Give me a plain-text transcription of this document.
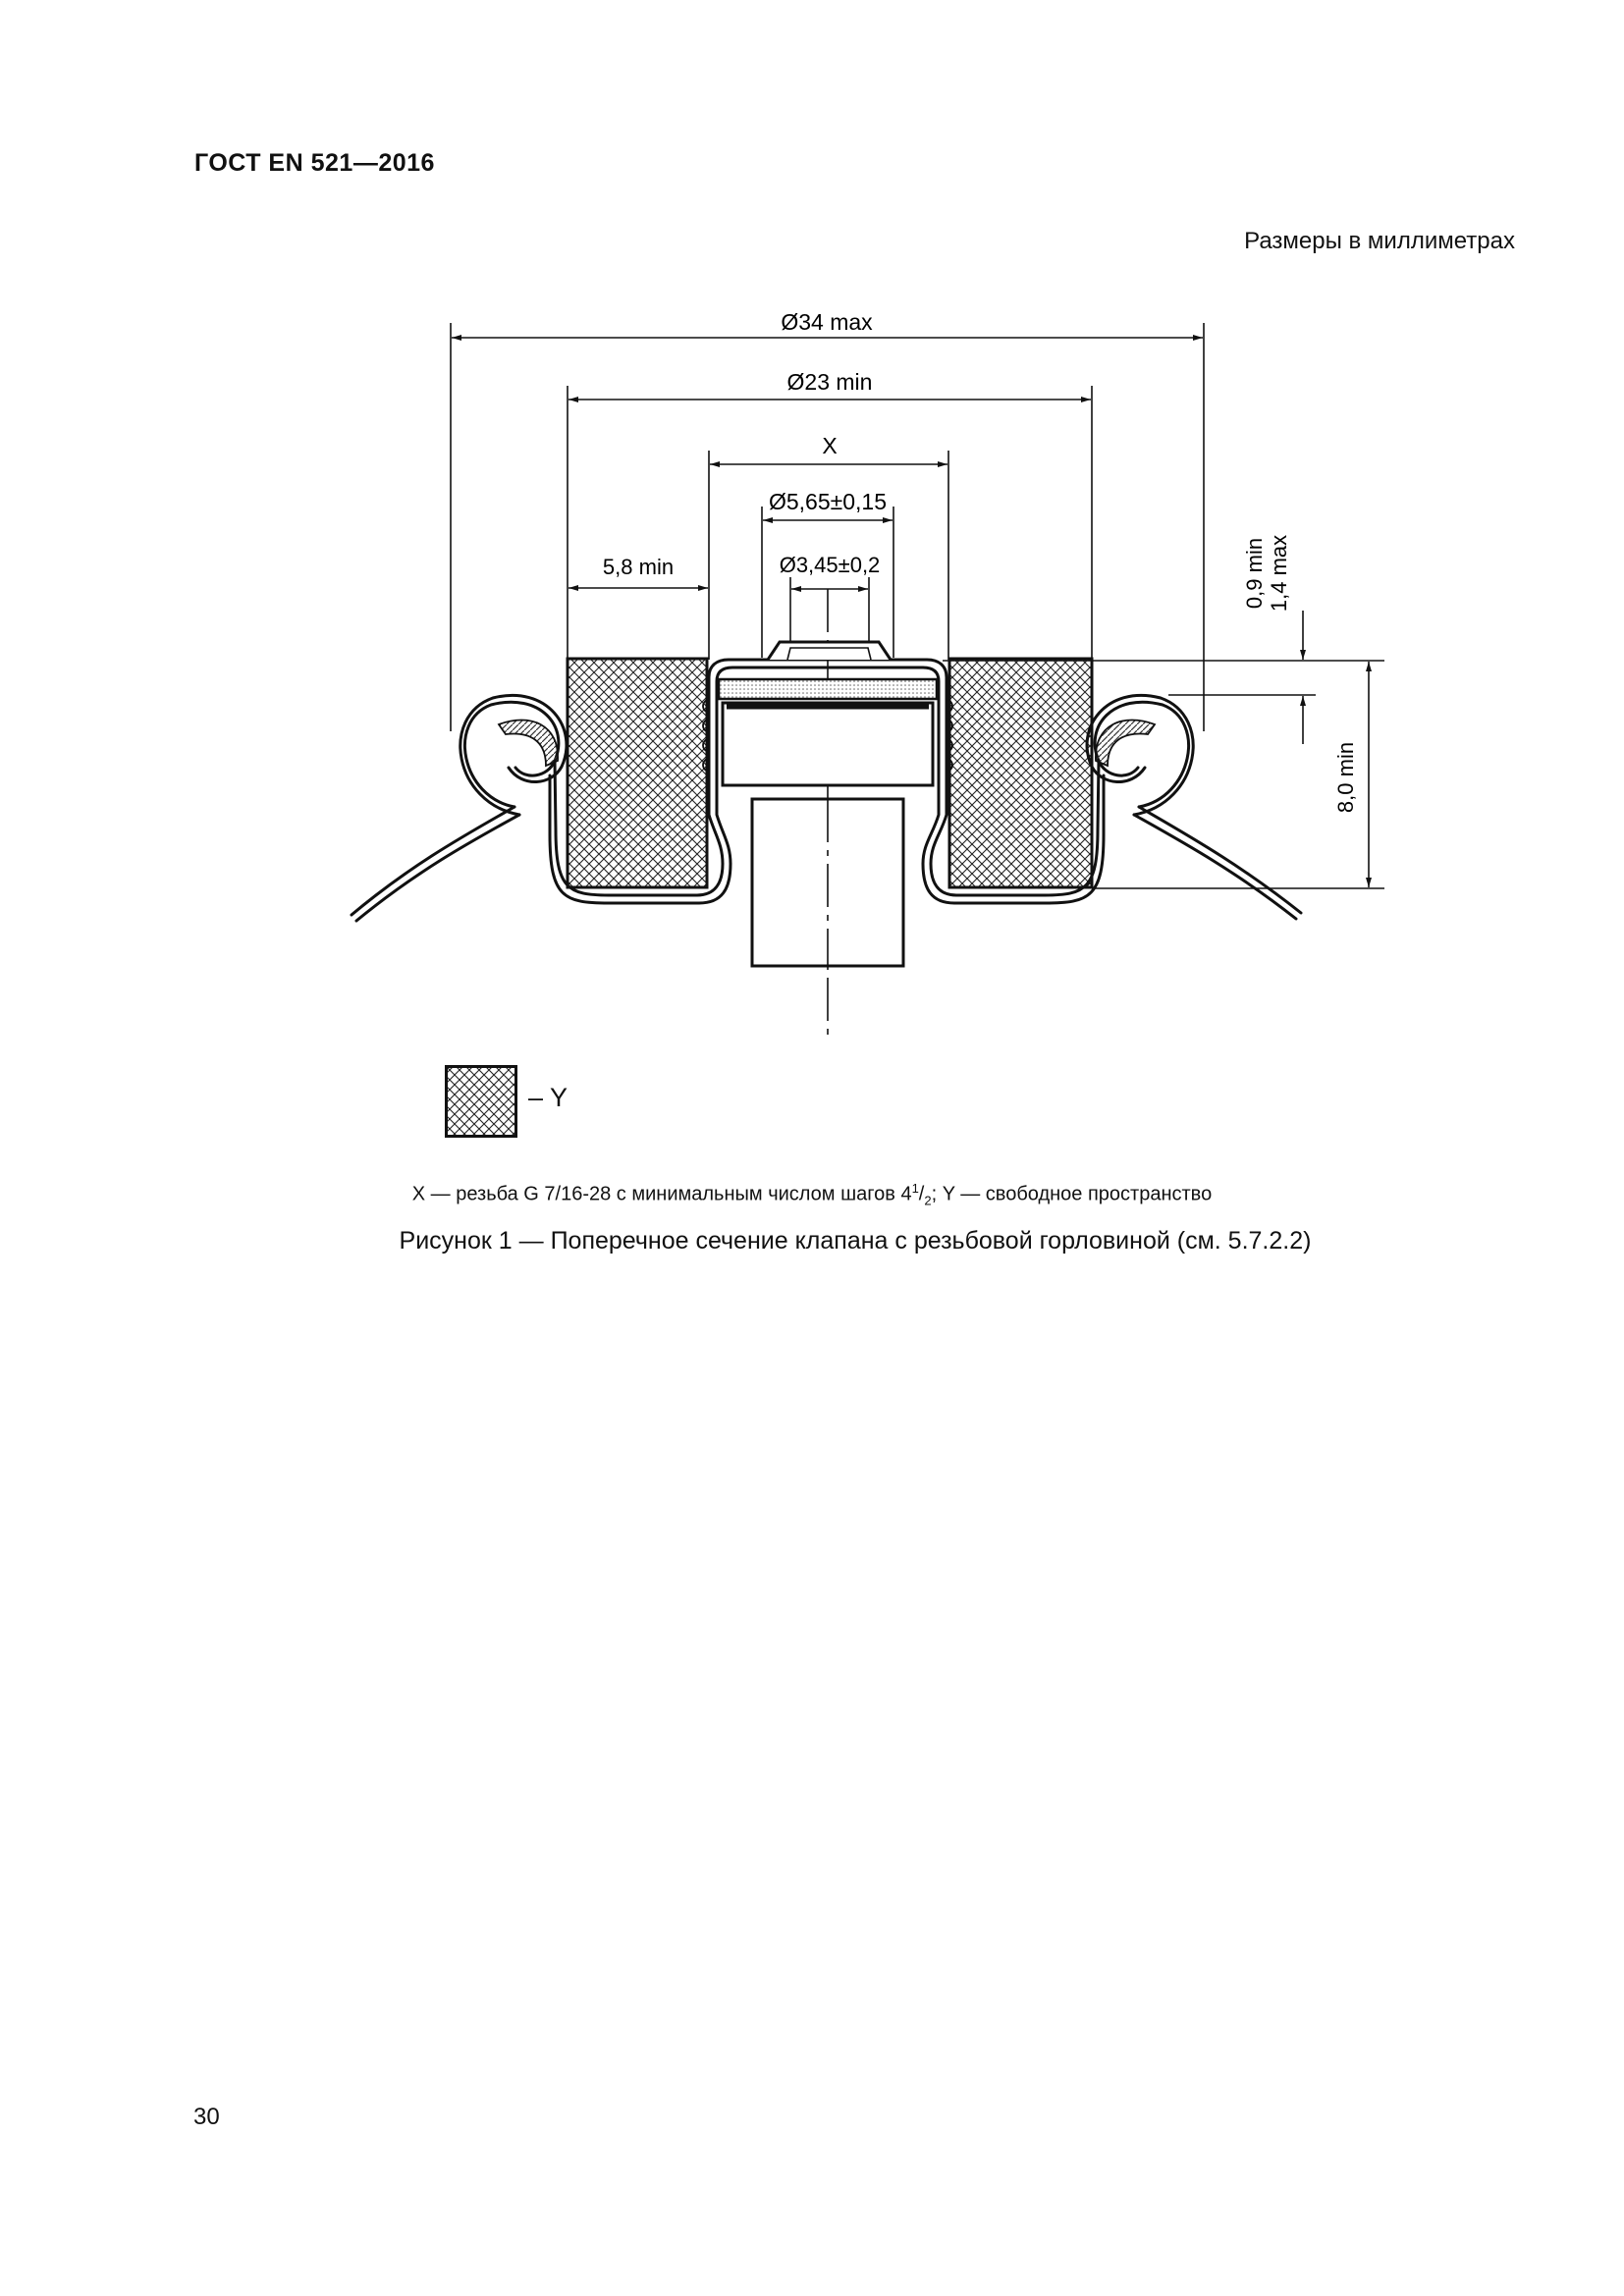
ГОСТ EN 521—2016
Размеры в миллиметрах
Ø34 max
Ø23 min
X
Ø5,65±0,15
Ø3,45±0,2
5,8 min	0,9 min 1,4 max
8,0 min
– Y
X — резьба G 7/16-28 с минимальным числом шагов $4^1/_2$; Y — свободное пространство
Рисунок 1 — Поперечное сечение клапана с резьбовой горловиной (см. 5.7.2.2)
30
